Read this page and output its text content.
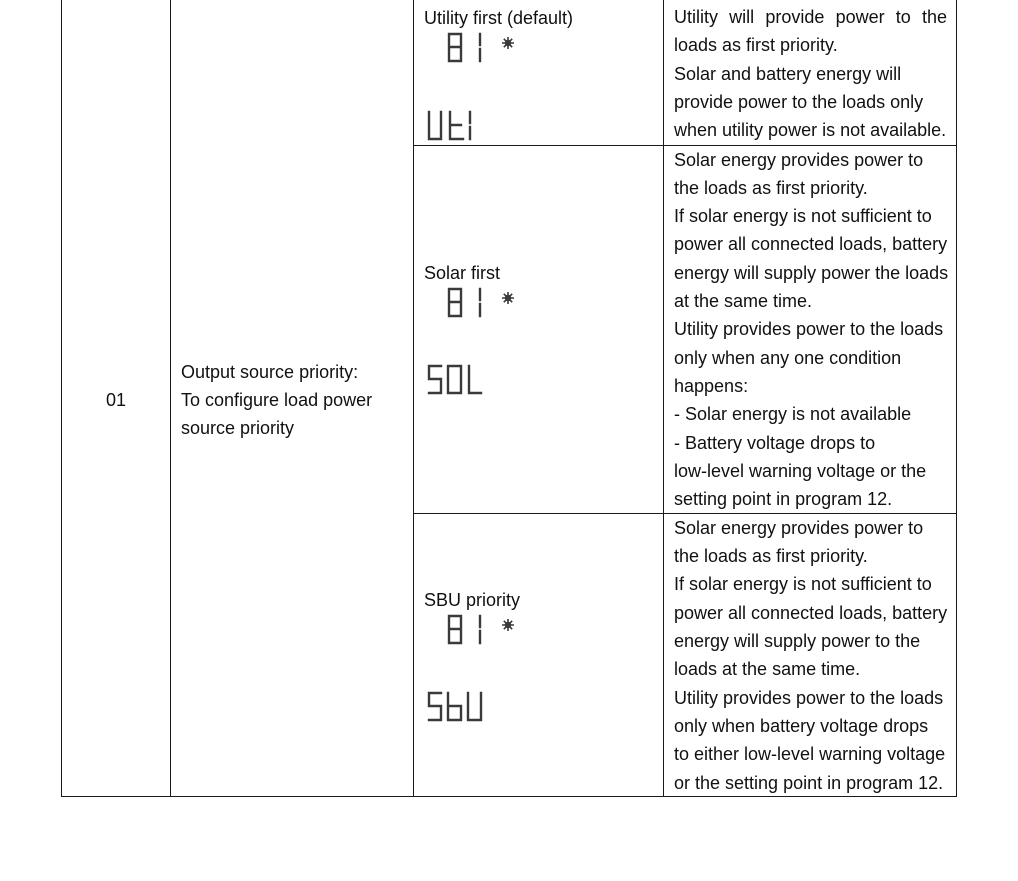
01
Output source priority:
To configure load power
source priority
Utility first (default)	Utility will provide power to the
loads as first priority.
Solar and battery energy will
provide power to the loads only
when utility power is not available.
Solar first
Solar energy provides power to
the loads as first priority.
If solar energy is not sufficient to
power all connected loads, battery
energy will supply power the loads
at the same time.
Utility provides power to the loads
only when any one condition
happens:
- Solar energy is not available
- Battery voltage drops to
low-level warning voltage or the
setting point in program 12.
SBU priority
Solar energy provides power to
the loads as first priority.
If solar energy is not sufficient to
power all connected loads, battery
energy will supply power to the
loads at the same time.
Utility provides power to the loads
only when battery voltage drops
to either low-level warning voltage
or the setting point in program 12.
